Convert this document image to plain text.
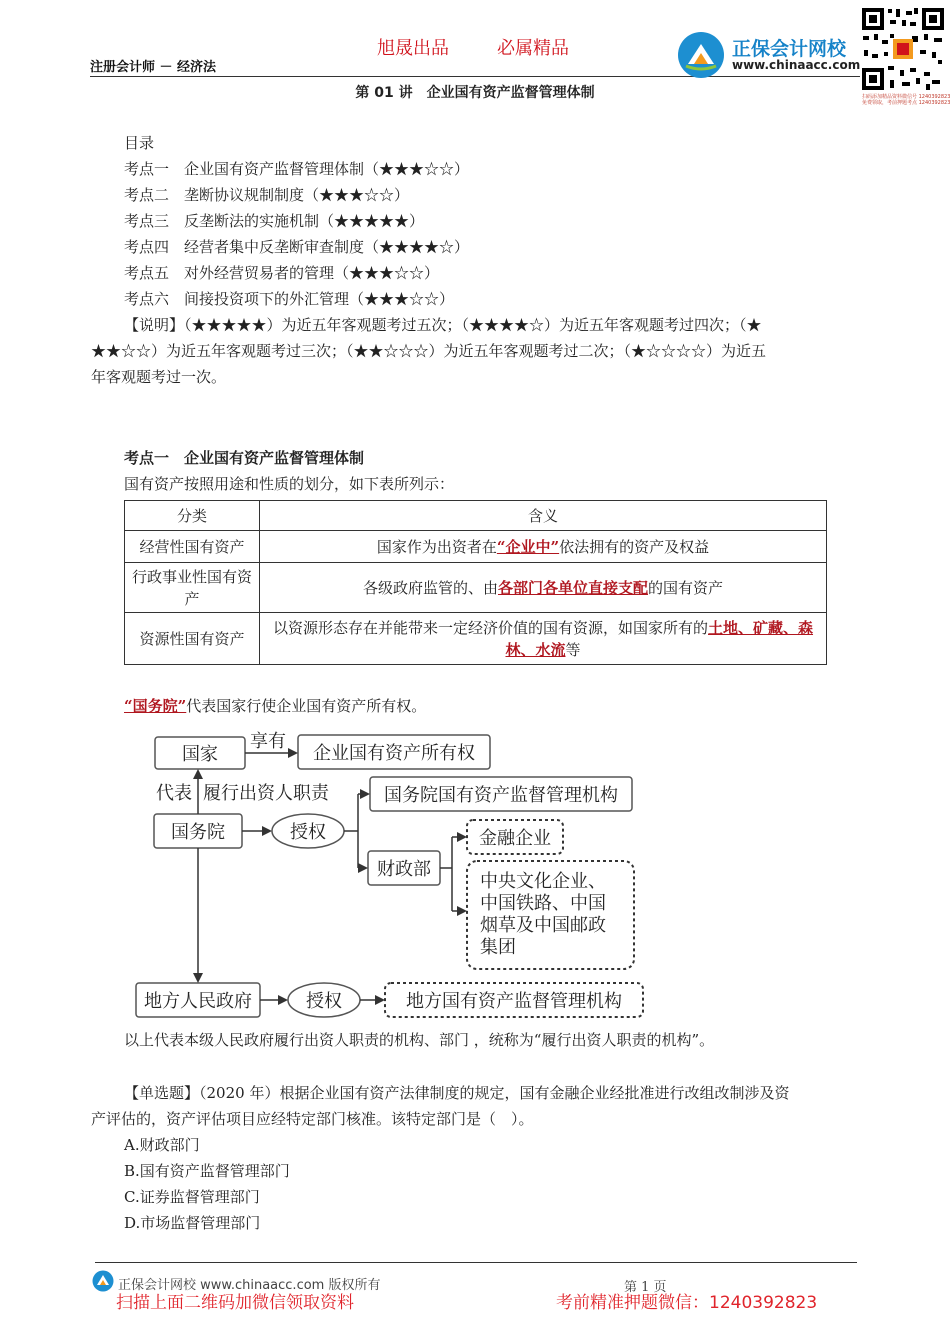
旭晟出品	必属精品
注册会计师 － 经济法
正保会计网校
www.chinaacc.com
扫码添加精品资料微信号 1240392823
免费领取，考前押题考点 1240392823
第 01 讲　企业国有资产监督管理体制
目录
考点一　企业国有资产监督管理体制（★★★☆☆）
考点二　垄断协议规制制度（★★★☆☆）
考点三　反垄断法的实施机制（★★★★★）
考点四　经营者集中反垄断审查制度（★★★★☆）
考点五　对外经营贸易者的管理（★★★☆☆）
考点六　间接投资项下的外汇管理（★★★☆☆）
【说明】（★★★★★）为近五年客观题考过五次；（★★★★☆）为近五年客观题考过四次；（★
★★☆☆）为近五年客观题考过三次；（★★☆☆☆）为近五年客观题考过二次；（★☆☆☆☆）为近五
年客观题考过一次。
考点一　企业国有资产监督管理体制
国有资产按照用途和性质的划分，如下表所列示：
分类	含义
经营性国有资产	国家作为出资者在“企业中”依法拥有的资产及权益
行政事业性国有资产	各级政府监管的、由各部门各单位直接支配的国有资产
资源性国有资产	以资源形态存在并能带来一定经济价值的国有资源，如国家所有的土地、矿藏、森林、水流等
“国务院”代表国家行使企业国有资产所有权。
国家
享有
企业国有资产所有权
代表 履行出资人职责
国务院	授权
国务院国有资产监督管理机构
财政部
金融企业
中央文化企业、
中国铁路、中国
烟草及中国邮政
集团
地方人民政府	授权	地方国有资产监督管理机构
以上代表本级人民政府履行出资人职责的机构、部门 ，统称为“履行出资人职责的机构”。
【单选题】（2020 年）根据企业国有资产法律制度的规定，国有金融企业经批准进行改组改制涉及资
产评估的，资产评估项目应经特定部门核准。该特定部门是（　）。
A.财政部门
B.国有资产监督管理部门
C.证券监督管理部门
D.市场监督管理部门
正保会计网校 www.chinaacc.com 版权所有	第 1 页
扫描上面二维码加微信领取资料	考前精准押题微信：1240392823
